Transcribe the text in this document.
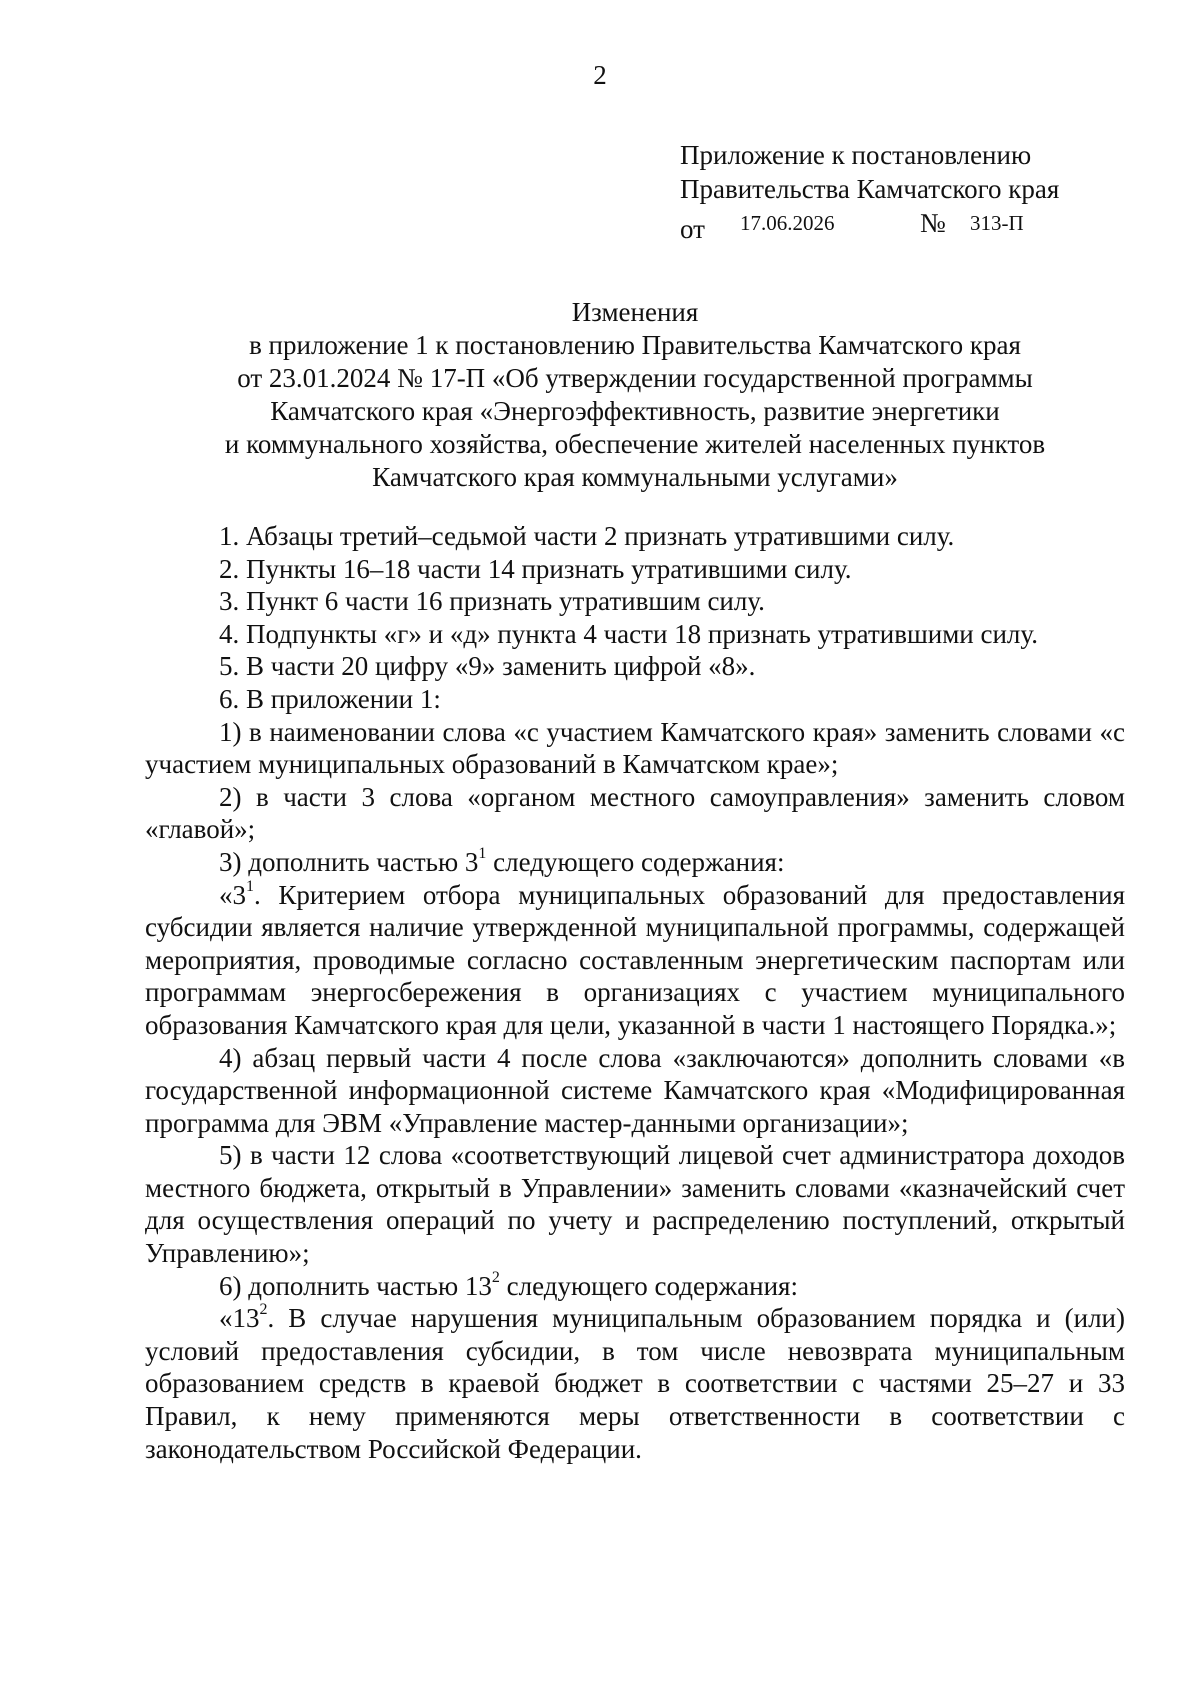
2
Приложение к постановлению
Правительства Камчатского края
от 17.06.2026	№ 313-П
Изменения
в приложение 1 к постановлению Правительства Камчатского края
от 23.01.2024 № 17-П «Об утверждении государственной программы
Камчатского края «Энергоэффективность, развитие энергетики
и коммунального хозяйства, обеспечение жителей населенных пунктов
Камчатского края коммунальными услугами»

1. Абзацы третий–седьмой части 2 признать утратившими силу.

2. Пункты 16–18 части 14 признать утратившими силу.

3. Пункт 6 части 16 признать утратившим силу.

4. Подпункты «г» и «д» пункта 4 части 18 признать утратившими силу.

5. В части 20 цифру «9» заменить цифрой «8».

6. В приложении 1:

1) в наименовании слова «с участием Камчатского края» заменить словами «с участием муниципальных образований в Камчатском крае»;

2) в части 3 слова «органом местного самоуправления» заменить словом «главой»;

3) дополнить частью $3^1$ следующего содержания:

«$3^1$. Критерием отбора муниципальных образований для предоставления субсидии является наличие утвержденной муниципальной программы, содержащей мероприятия, проводимые согласно составленным энергетическим паспортам или программам энергосбережения в организациях с участием муниципального образования Камчатского края для цели, указанной в части 1 настоящего Порядка.»;

4) абзац первый части 4 после слова «заключаются» дополнить словами «в государственной информационной системе Камчатского края «Модифицированная программа для ЭВМ «Управление мастер-данными организации»;

5) в части 12 слова «соответствующий лицевой счет администратора доходов местного бюджета, открытый в Управлении» заменить словами «казначейский счет для осуществления операций по учету и распределению поступлений, открытый Управлению»;

6) дополнить частью $13^2$ следующего содержания:

«$13^2$. В случае нарушения муниципальным образованием порядка и (или) условий предоставления субсидии, в том числе невозврата муниципальным образованием средств в краевой бюджет в соответствии с частями 25–27 и 33 Правил, к нему применяются меры ответственности в соответствии с законодательством Российской Федерации.
